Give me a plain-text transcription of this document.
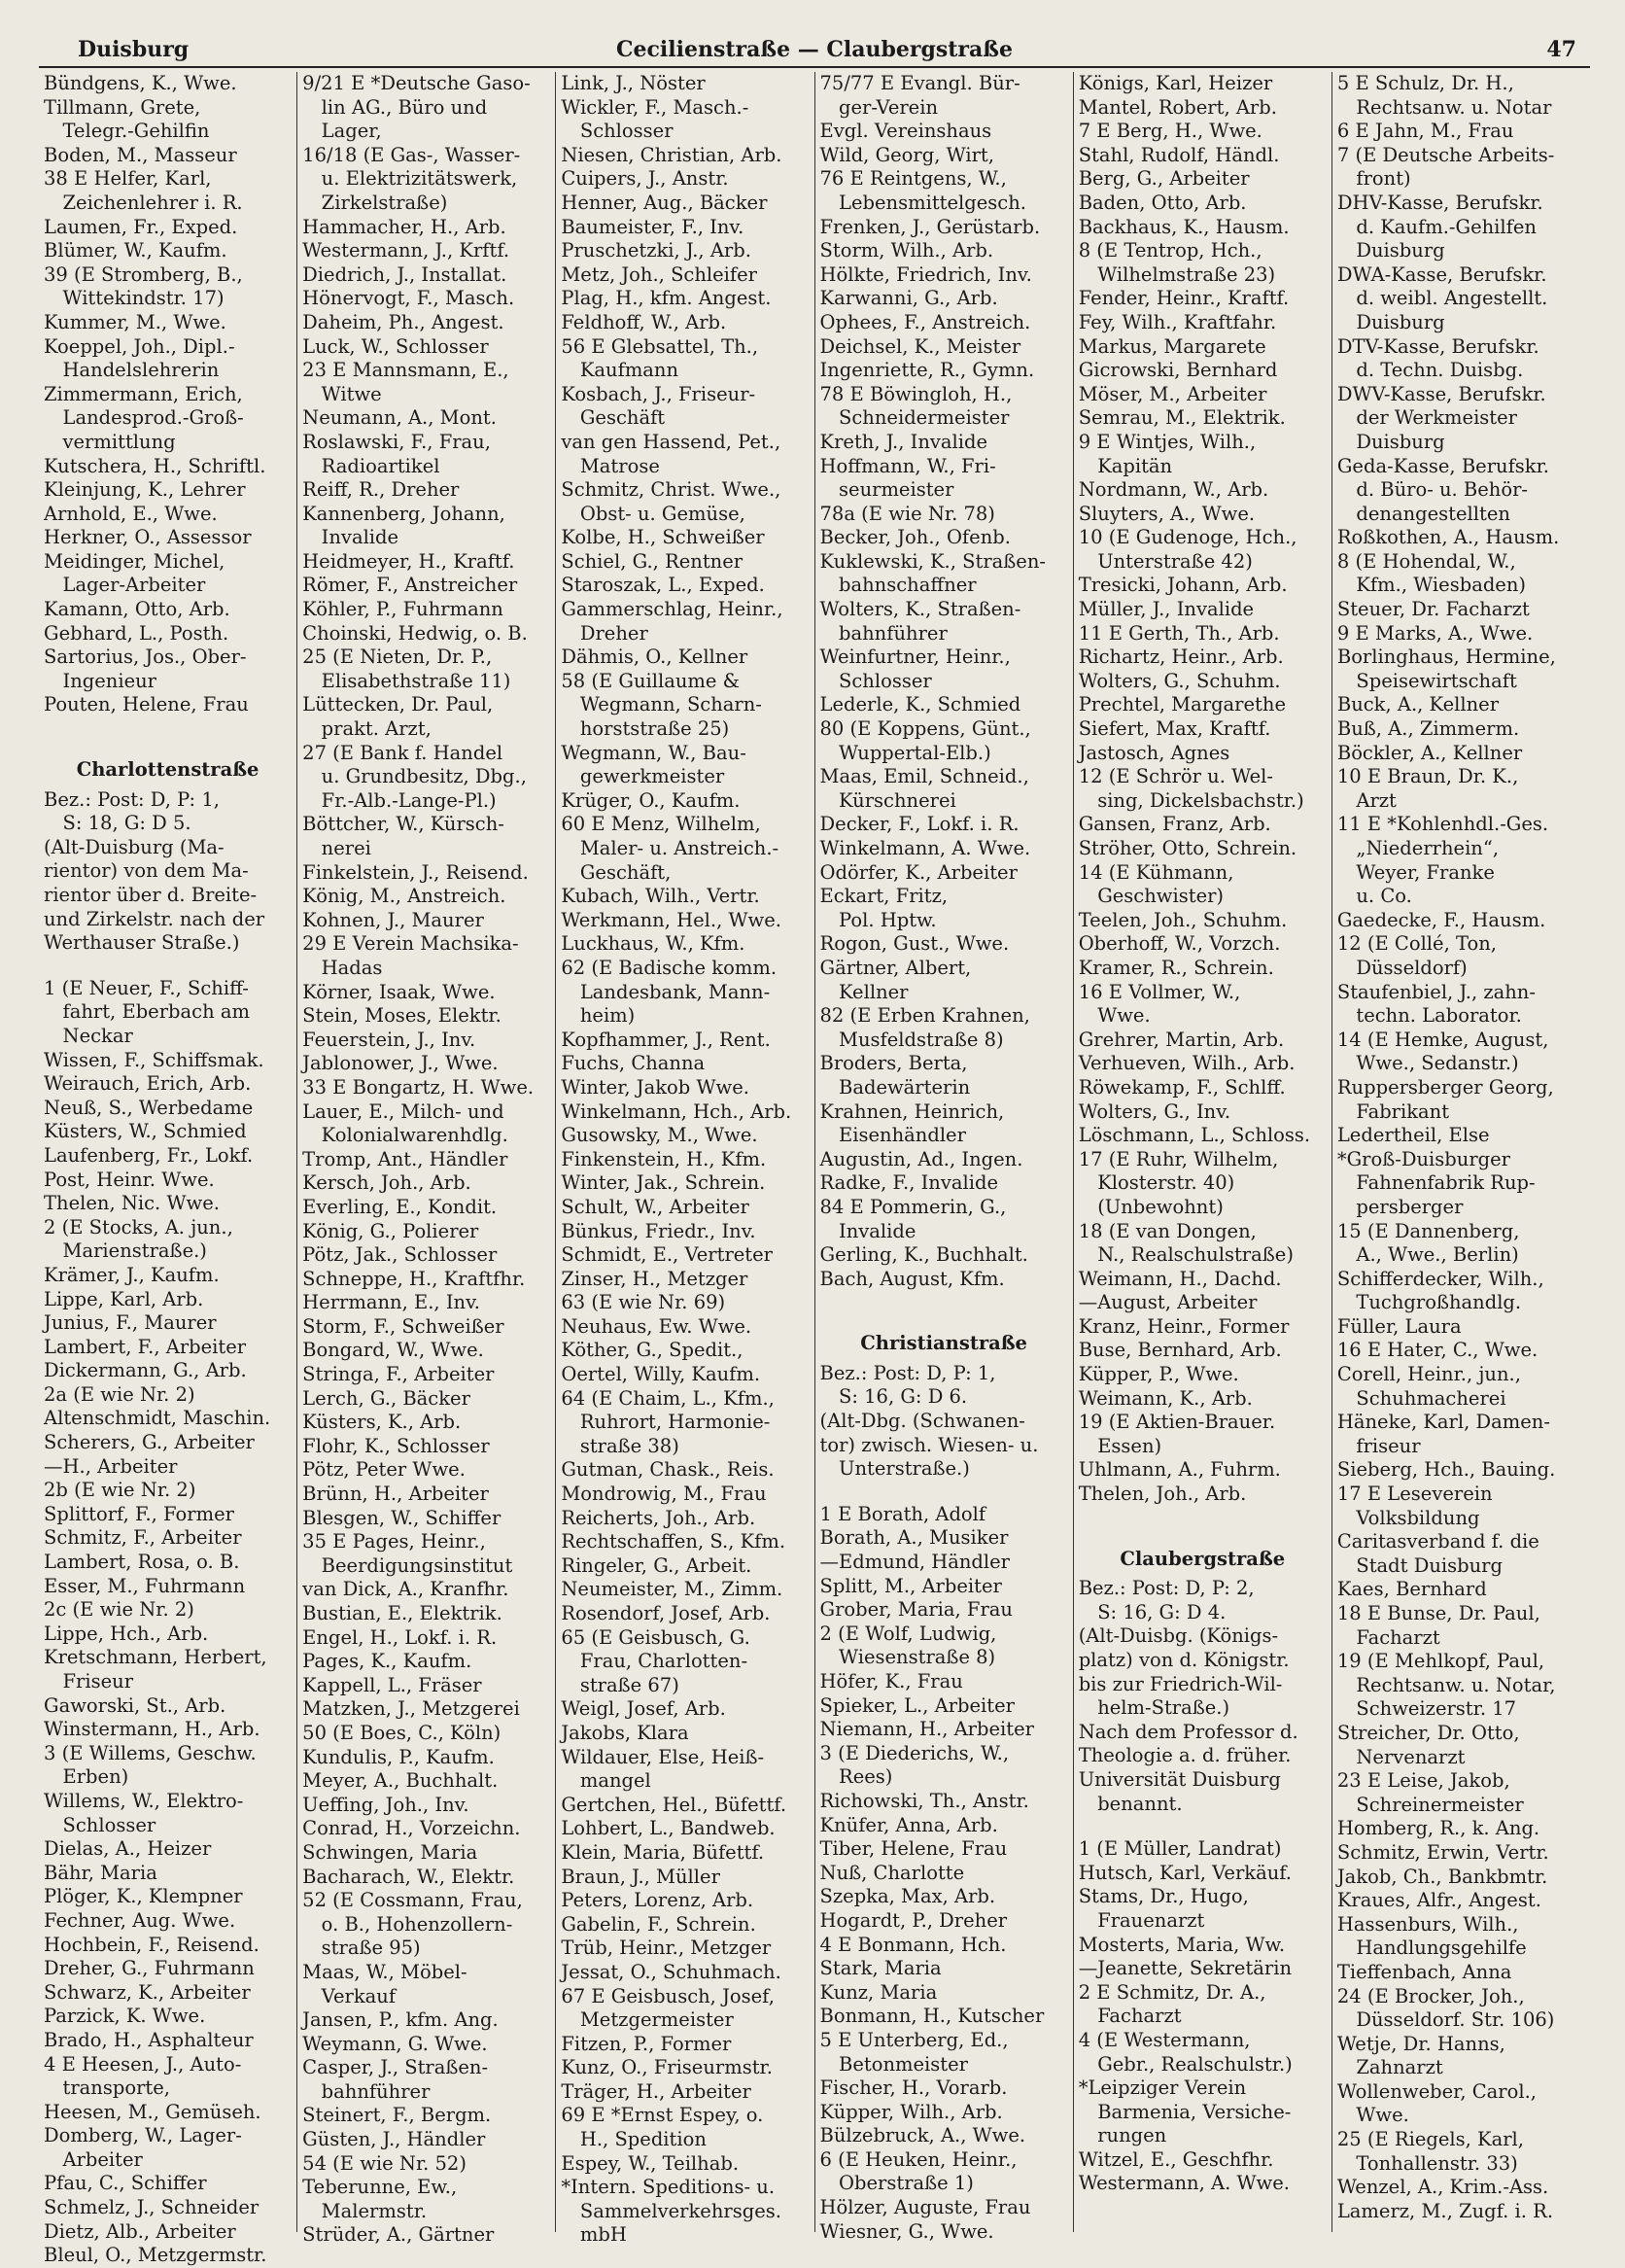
Duisburg	Cecilienstraße — Claubergstraße	47
Bündgens, K., Wwe.
Tillmann, Grete,
 Telegr.-Gehilfin
Boden, M., Masseur
38 E Helfer, Karl,
 Zeichenlehrer i. R.
Laumen, Fr., Exped.
Blümer, W., Kaufm.
39 (E Stromberg, B.,
 Wittekindstr. 17)
Kummer, M., Wwe.
Koeppel, Joh., Dipl.-
 Handelslehrerin
Zimmermann, Erich,
 Landesprod.-Groß-
 vermittlung
Kutschera, H., Schriftl.
Kleinjung, K., Lehrer
Arnhold, E., Wwe.
Herkner, O., Assessor
Meidinger, Michel,
 Lager-Arbeiter
Kamann, Otto, Arb.
Gebhard, L., Posth.
Sartorius, Jos., Ober-
 Ingenieur
Pouten, Helene, Frau
Charlottenstraße
Bez.: Post: D, P: 1,
 S: 18, G: D 5.
(Alt-Duisburg (Ma-
rientor) von dem Ma-
rientor über d. Breite-
und Zirkelstr. nach der
Werthauser Straße.)
1 (E Neuer, F., Schiff-
 fahrt, Eberbach am
 Neckar
Wissen, F., Schiffsmak.
Weirauch, Erich, Arb.
Neuß, S., Werbedame
Küsters, W., Schmied
Laufenberg, Fr., Lokf.
Post, Heinr. Wwe.
Thelen, Nic. Wwe.
2 (E Stocks, A. jun.,
 Marienstraße.)
Krämer, J., Kaufm.
Lippe, Karl, Arb.
Junius, F., Maurer
Lambert, F., Arbeiter
Dickermann, G., Arb.
2a (E wie Nr. 2)
Altenschmidt, Maschin.
Scherers, G., Arbeiter
—H., Arbeiter
2b (E wie Nr. 2)
Splittorf, F., Former
Schmitz, F., Arbeiter
Lambert, Rosa, o. B.
Esser, M., Fuhrmann
2c (E wie Nr. 2)
Lippe, Hch., Arb.
Kretschmann, Herbert,
 Friseur
Gaworski, St., Arb.
Winstermann, H., Arb.
3 (E Willems, Geschw.
 Erben)
Willems, W., Elektro-
 Schlosser
Dielas, A., Heizer
Bähr, Maria
Plöger, K., Klempner
Fechner, Aug. Wwe.
Hochbein, F., Reisend.
Dreher, G., Fuhrmann
Schwarz, K., Arbeiter
Parzick, K. Wwe.
Brado, H., Asphalteur
4 E Heesen, J., Auto-
 transporte,
Heesen, M., Gemüseh.
Domberg, W., Lager-
 Arbeiter
Pfau, C., Schiffer
Schmelz, J., Schneider
Dietz, Alb., Arbeiter
Bleul, O., Metzgermstr.
9/21 E *Deutsche Gaso-
 lin AG., Büro und
 Lager,
16/18 (E Gas-, Wasser-
 u. Elektrizitätswerk,
 Zirkelstraße)
Hammacher, H., Arb.
Westermann, J., Krftf.
Diedrich, J., Installat.
Hönervogt, F., Masch.
Daheim, Ph., Angest.
Luck, W., Schlosser
23 E Mannsmann, E.,
 Witwe
Neumann, A., Mont.
Roslawski, F., Frau,
 Radioartikel
Reiff, R., Dreher
Kannenberg, Johann,
 Invalide
Heidmeyer, H., Kraftf.
Römer, F., Anstreicher
Köhler, P., Fuhrmann
Choinski, Hedwig, o. B.
25 (E Nieten, Dr. P.,
 Elisabethstraße 11)
Lüttecken, Dr. Paul,
 prakt. Arzt,
27 (E Bank f. Handel
 u. Grundbesitz, Dbg.,
 Fr.-Alb.-Lange-Pl.)
Böttcher, W., Kürsch-
 nerei
Finkelstein, J., Reisend.
König, M., Anstreich.
Kohnen, J., Maurer
29 E Verein Machsika-
 Hadas
Körner, Isaak, Wwe.
Stein, Moses, Elektr.
Feuerstein, J., Inv.
Jablonower, J., Wwe.
33 E Bongartz, H. Wwe.
Lauer, E., Milch- und
 Kolonialwarenhdlg.
Tromp, Ant., Händler
Kersch, Joh., Arb.
Everling, E., Kondit.
König, G., Polierer
Pötz, Jak., Schlosser
Schneppe, H., Kraftfhr.
Herrmann, E., Inv.
Storm, F., Schweißer
Bongard, W., Wwe.
Stringa, F., Arbeiter
Lerch, G., Bäcker
Küsters, K., Arb.
Flohr, K., Schlosser
Pötz, Peter Wwe.
Brünn, H., Arbeiter
Blesgen, W., Schiffer
35 E Pages, Heinr.,
 Beerdigungsinstitut
van Dick, A., Kranfhr.
Bustian, E., Elektrik.
Engel, H., Lokf. i. R.
Pages, K., Kaufm.
Kappell, L., Fräser
Matzken, J., Metzgerei
50 (E Boes, C., Köln)
Kundulis, P., Kaufm.
Meyer, A., Buchhalt.
Ueffing, Joh., Inv.
Conrad, H., Vorzeichn.
Schwingen, Maria
Bacharach, W., Elektr.
52 (E Cossmann, Frau,
 o. B., Hohenzollern-
 straße 95)
Maas, W., Möbel-
 Verkauf
Jansen, P., kfm. Ang.
Weymann, G. Wwe.
Casper, J., Straßen-
 bahnführer
Steinert, F., Bergm.
Güsten, J., Händler
54 (E wie Nr. 52)
Teberunne, Ew.,
 Malermstr.
Strüder, A., Gärtner
Link, J., Nöster
Wickler, F., Masch.-
 Schlosser
Niesen, Christian, Arb.
Cuipers, J., Anstr.
Henner, Aug., Bäcker
Baumeister, F., Inv.
Pruschetzki, J., Arb.
Metz, Joh., Schleifer
Plag, H., kfm. Angest.
Feldhoff, W., Arb.
56 E Glebsattel, Th.,
 Kaufmann
Kosbach, J., Friseur-
 Geschäft
van gen Hassend, Pet.,
 Matrose
Schmitz, Christ. Wwe.,
 Obst- u. Gemüse,
Kolbe, H., Schweißer
Schiel, G., Rentner
Staroszak, L., Exped.
Gammerschlag, Heinr.,
 Dreher
Dähmis, O., Kellner
58 (E Guillaume &
 Wegmann, Scharn-
 horststraße 25)
Wegmann, W., Bau-
 gewerkmeister
Krüger, O., Kaufm.
60 E Menz, Wilhelm,
 Maler- u. Anstreich.-
 Geschäft,
Kubach, Wilh., Vertr.
Werkmann, Hel., Wwe.
Luckhaus, W., Kfm.
62 (E Badische komm.
 Landesbank, Mann-
 heim)
Kopfhammer, J., Rent.
Fuchs, Channa
Winter, Jakob Wwe.
Winkelmann, Hch., Arb.
Gusowsky, M., Wwe.
Finkenstein, H., Kfm.
Winter, Jak., Schrein.
Schult, W., Arbeiter
Bünkus, Friedr., Inv.
Schmidt, E., Vertreter
Zinser, H., Metzger
63 (E wie Nr. 69)
Neuhaus, Ew. Wwe.
Köther, G., Spedit.,
Oertel, Willy, Kaufm.
64 (E Chaim, L., Kfm.,
 Ruhrort, Harmonie-
 straße 38)
Gutman, Chask., Reis.
Mondrowig, M., Frau
Reicherts, Joh., Arb.
Rechtschaffen, S., Kfm.
Ringeler, G., Arbeit.
Neumeister, M., Zimm.
Rosendorf, Josef, Arb.
65 (E Geisbusch, G.
 Frau, Charlotten-
 straße 67)
Weigl, Josef, Arb.
Jakobs, Klara
Wildauer, Else, Heiß-
 mangel
Gertchen, Hel., Büfettf.
Lohbert, L., Bandweb.
Klein, Maria, Büfettf.
Braun, J., Müller
Peters, Lorenz, Arb.
Gabelin, F., Schrein.
Trüb, Heinr., Metzger
Jessat, O., Schuhmach.
67 E Geisbusch, Josef,
 Metzgermeister
Fitzen, P., Former
Kunz, O., Friseurmstr.
Träger, H., Arbeiter
69 E *Ernst Espey, o.
 H., Spedition
Espey, W., Teilhab.
*Intern. Speditions- u.
 Sammelverkehrsges.
 mbH
75/77 E Evangl. Bür-
 ger-Verein
Evgl. Vereinshaus
Wild, Georg, Wirt,
76 E Reintgens, W.,
 Lebensmittelgesch.
Frenken, J., Gerüstarb.
Storm, Wilh., Arb.
Hölkte, Friedrich, Inv.
Karwanni, G., Arb.
Ophees, F., Anstreich.
Deichsel, K., Meister
Ingenriette, R., Gymn.
78 E Böwingloh, H.,
 Schneidermeister
Kreth, J., Invalide
Hoffmann, W., Fri-
 seurmeister
78a (E wie Nr. 78)
Becker, Joh., Ofenb.
Kuklewski, K., Straßen-
 bahnschaffner
Wolters, K., Straßen-
 bahnführer
Weinfurtner, Heinr.,
 Schlosser
Lederle, K., Schmied
80 (E Koppens, Günt.,
 Wuppertal-Elb.)
Maas, Emil, Schneid.,
 Kürschnerei
Decker, F., Lokf. i. R.
Winkelmann, A. Wwe.
Odörfer, K., Arbeiter
Eckart, Fritz,
 Pol. Hptw.
Rogon, Gust., Wwe.
Gärtner, Albert,
 Kellner
82 (E Erben Krahnen,
 Musfeldstraße 8)
Broders, Berta,
 Badewärterin
Krahnen, Heinrich,
 Eisenhändler
Augustin, Ad., Ingen.
Radke, F., Invalide
84 E Pommerin, G.,
 Invalide
Gerling, K., Buchhalt.
Bach, August, Kfm.
Christianstraße
Bez.: Post: D, P: 1,
 S: 16, G: D 6.
(Alt-Dbg. (Schwanen-
tor) zwisch. Wiesen- u.
 Unterstraße.)
1 E Borath, Adolf
Borath, A., Musiker
—Edmund, Händler
Splitt, M., Arbeiter
Grober, Maria, Frau
2 (E Wolf, Ludwig,
 Wiesenstraße 8)
Höfer, K., Frau
Spieker, L., Arbeiter
Niemann, H., Arbeiter
3 (E Diederichs, W.,
 Rees)
Richowski, Th., Anstr.
Knüfer, Anna, Arb.
Tiber, Helene, Frau
Nuß, Charlotte
Szepka, Max, Arb.
Hogardt, P., Dreher
4 E Bonmann, Hch.
Stark, Maria
Kunz, Maria
Bonmann, H., Kutscher
5 E Unterberg, Ed.,
 Betonmeister
Fischer, H., Vorarb.
Küpper, Wilh., Arb.
Bülzebruck, A., Wwe.
6 (E Heuken, Heinr.,
 Oberstraße 1)
Hölzer, Auguste, Frau
Wiesner, G., Wwe.
Königs, Karl, Heizer
Mantel, Robert, Arb.
7 E Berg, H., Wwe.
Stahl, Rudolf, Händl.
Berg, G., Arbeiter
Baden, Otto, Arb.
Backhaus, K., Hausm.
8 (E Tentrop, Hch.,
 Wilhelmstraße 23)
Fender, Heinr., Kraftf.
Fey, Wilh., Kraftfahr.
Markus, Margarete
Gicrowski, Bernhard
Möser, M., Arbeiter
Semrau, M., Elektrik.
9 E Wintjes, Wilh.,
 Kapitän
Nordmann, W., Arb.
Sluyters, A., Wwe.
10 (E Gudenoge, Hch.,
 Unterstraße 42)
Tresicki, Johann, Arb.
Müller, J., Invalide
11 E Gerth, Th., Arb.
Richartz, Heinr., Arb.
Wolters, G., Schuhm.
Prechtel, Margarethe
Siefert, Max, Kraftf.
Jastosch, Agnes
12 (E Schrör u. Wel-
 sing, Dickelsbachstr.)
Gansen, Franz, Arb.
Ströher, Otto, Schrein.
14 (E Kühmann,
 Geschwister)
Teelen, Joh., Schuhm.
Oberhoff, W., Vorzch.
Kramer, R., Schrein.
16 E Vollmer, W.,
 Wwe.
Grehrer, Martin, Arb.
Verhueven, Wilh., Arb.
Röwekamp, F., Schlff.
Wolters, G., Inv.
Löschmann, L., Schloss.
17 (E Ruhr, Wilhelm,
 Klosterstr. 40)
 (Unbewohnt)
18 (E van Dongen,
 N., Realschulstraße)
Weimann, H., Dachd.
—August, Arbeiter
Kranz, Heinr., Former
Buse, Bernhard, Arb.
Küpper, P., Wwe.
Weimann, K., Arb.
19 (E Aktien-Brauer.
 Essen)
Uhlmann, A., Fuhrm.
Thelen, Joh., Arb.
Claubergstraße
Bez.: Post: D, P: 2,
 S: 16, G: D 4.
(Alt-Duisbg. (Königs-
platz) von d. Königstr.
bis zur Friedrich-Wil-
 helm-Straße.)
Nach dem Professor d.
Theologie a. d. früher.
Universität Duisburg
 benannt.
1 (E Müller, Landrat)
Hutsch, Karl, Verkäuf.
Stams, Dr., Hugo,
 Frauenarzt
Mosterts, Maria, Ww.
—Jeanette, Sekretärin
2 E Schmitz, Dr. A.,
 Facharzt
4 (E Westermann,
 Gebr., Realschulstr.)
*Leipziger Verein
 Barmenia, Versiche-
 rungen
Witzel, E., Geschfhr.
Westermann, A. Wwe.
5 E Schulz, Dr. H.,
 Rechtsanw. u. Notar
6 E Jahn, M., Frau
7 (E Deutsche Arbeits-
 front)
DHV-Kasse, Berufskr.
 d. Kaufm.-Gehilfen
 Duisburg
DWA-Kasse, Berufskr.
 d. weibl. Angestellt.
 Duisburg
DTV-Kasse, Berufskr.
 d. Techn. Duisbg.
DWV-Kasse, Berufskr.
 der Werkmeister
 Duisburg
Geda-Kasse, Berufskr.
 d. Büro- u. Behör-
 denangestellten
Roßkothen, A., Hausm.
8 (E Hohendal, W.,
 Kfm., Wiesbaden)
Steuer, Dr. Facharzt
9 E Marks, A., Wwe.
Borlinghaus, Hermine,
 Speisewirtschaft
Buck, A., Kellner
Buß, A., Zimmerm.
Böckler, A., Kellner
10 E Braun, Dr. K.,
 Arzt
11 E *Kohlenhdl.-Ges.
 „Niederrhein“,
 Weyer, Franke
 u. Co.
Gaedecke, F., Hausm.
12 (E Collé, Ton,
 Düsseldorf)
Staufenbiel, J., zahn-
 techn. Laborator.
14 (E Hemke, August,
 Wwe., Sedanstr.)
Ruppersberger Georg,
 Fabrikant
Ledertheil, Else
*Groß-Duisburger
 Fahnenfabrik Rup-
 persberger
15 (E Dannenberg,
 A., Wwe., Berlin)
Schifferdecker, Wilh.,
 Tuchgroßhandlg.
Füller, Laura
16 E Hater, C., Wwe.
Corell, Heinr., jun.,
 Schuhmacherei
Häneke, Karl, Damen-
 friseur
Sieberg, Hch., Bauing.
17 E Leseverein
 Volksbildung
Caritasverband f. die
 Stadt Duisburg
Kaes, Bernhard
18 E Bunse, Dr. Paul,
 Facharzt
19 (E Mehlkopf, Paul,
 Rechtsanw. u. Notar,
 Schweizerstr. 17
Streicher, Dr. Otto,
 Nervenarzt
23 E Leise, Jakob,
 Schreinermeister
Homberg, R., k. Ang.
Schmitz, Erwin, Vertr.
Jakob, Ch., Bankbmtr.
Kraues, Alfr., Angest.
Hassenburs, Wilh.,
 Handlungsgehilfe
Tieffenbach, Anna
24 (E Brocker, Joh.,
 Düsseldorf. Str. 106)
Wetje, Dr. Hanns,
 Zahnarzt
Wollenweber, Carol.,
 Wwe.
25 (E Riegels, Karl,
 Tonhallenstr. 33)
Wenzel, A., Krim.-Ass.
Lamerz, M., Zugf. i. R.
